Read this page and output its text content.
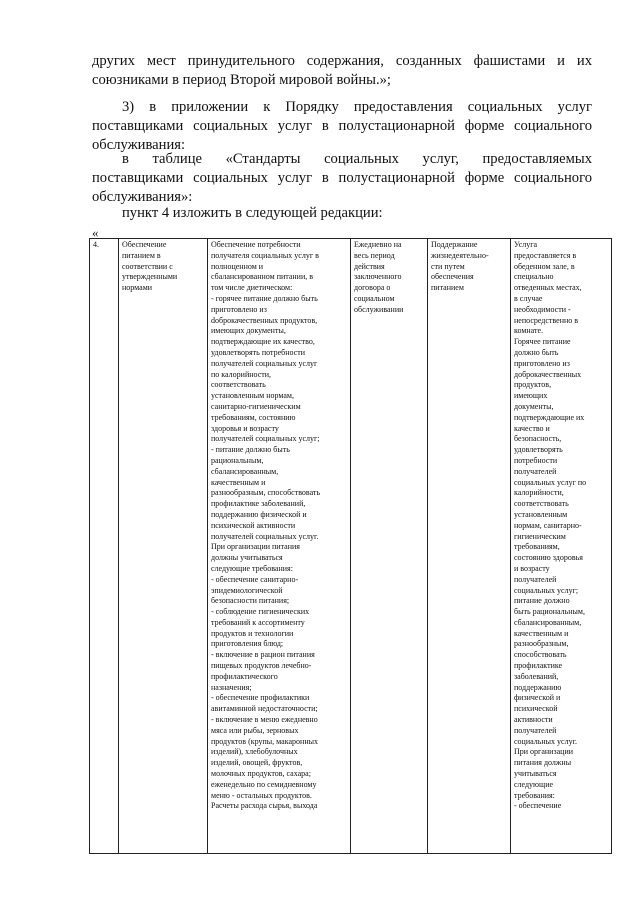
других мест принудительного содержания, созданных фашистами и их
союзниками в период Второй мировой войны.»;
3) в приложении к Порядку предоставления социальных услуг
поставщиками социальных услуг в полустационарной форме социального
обслуживания:
в таблице «Стандарты социальных услуг, предоставляемых
поставщиками социальных услуг в полустационарной форме социального
обслуживания»:
пункт 4 изложить в следующей редакции:
«
4.	Обеспечение
питанием в
соответствии с
утвержденными
нормами

Обеспечение потребности
получателя социальных услуг в
полноценном и
сбалансированном питании, в
том числе диетическом:
- горячее питание должно быть
приготовлено из
doброкачественных продуктов,
имеющих документы,
подтверждающие их качество,
удовлетворять потребности
получателей социальных услуг
по калорийности,
соответствовать
установленным нормам,
санитарно-гигиеническим
требованиям, состоянию
здоровья и возрасту
получателей социальных услуг;
- питание должно быть
рациональным,
сбалансированным,
качественным и
разнообразным, способствовать
профилактике заболеваний,
поддержанию физической и
психической активности
получателей социальных услуг.
При организации питания
должны учитываться
следующие требования:
- обеспечение санитарно-
эпидемиологической
безопасности питания;
- соблюдение гигиенических
требований к ассортименту
продуктов и технологии
приготовления блюд;
- включение в рацион питания
пищевых продуктов лечебно-
профилактического
назначения;
- обеспечение профилактики
авитаминной недостаточности;
- включение в меню ежедневно
мяса или рыбы, зерновых
продуктов (крупы, макаронных
изделий), хлебобулочных
изделий, овощей, фруктов,
молочных продуктов, сахара;
еженедельно по семидневному
меню - остальных продуктов.
Расчеты расхода сырья, выхода

Ежедневно на
весь период
действия
заключенного
договора о
социальном
обслуживании

Поддержание
жизнедеятельно-
сти путем
обеспечения
питанием

Услуга
предоставляется в
обеденном зале, в
специально
отведенных местах,
в случае
необходимости -
непосредственно в
комнате.
Горячее питание
должно быть
приготовлено из
доброкачественных
продуктов,
имеющих
документы,
подтверждающие их
качество и
безопасность,
удовлетворять
потребности
получателей
социальных услуг по
калорийности,
соответствовать
установленным
нормам, санитарно-
гигиеническим
требованиям,
состоянию здоровья
и возрасту
получателей
социальных услуг;
питание должно
быть рациональным,
сбалансированным,
качественным и
разнообразным,
способствовать
профилактике
заболеваний,
поддержанию
физической и
психической
активности
получателей
социальных услуг.
При организации
питания должны
учитываться
следующие
требования:
- обеспечение
